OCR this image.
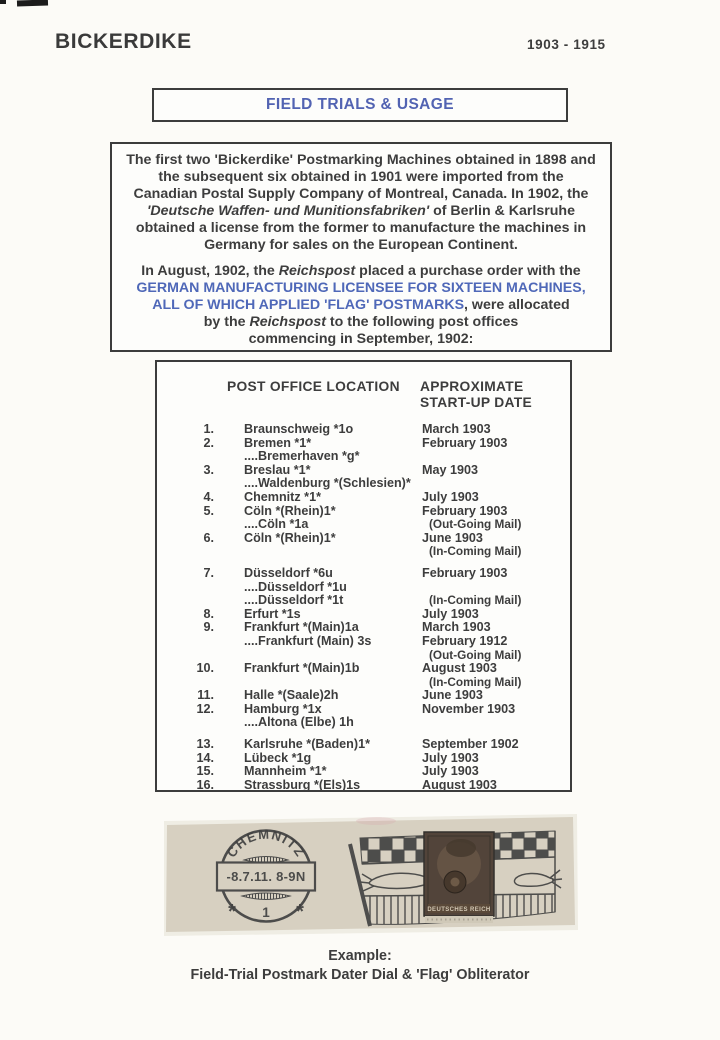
BICKERDIKE	1903 - 1915
FIELD TRIALS & USAGE
The first two 'Bickerdike' Postmarking Machines obtained in 1898 and
the subsequent six obtained in 1901 were imported from the
Canadian Postal Supply Company of Montreal, Canada. In 1902, the
'Deutsche Waffen- und Munitionsfabriken' of Berlin & Karlsruhe
obtained a license from the former to manufacture the machines in
Germany for sales on the European Continent.
In August, 1902, the Reichspost placed a purchase order with the
GERMAN MANUFACTURING LICENSEE FOR SIXTEEN MACHINES,
ALL OF WHICH APPLIED 'FLAG' POSTMARKS, were allocated
by the Reichspost to the following post offices
commencing in September, 1902:
POST OFFICE LOCATION APPROXIMATE
START-UP DATE
1. Braunschweig *1o	March 1903
2. Bremen *1*	February 1903
....Bremerhaven *g*
3. Breslau *1*	May 1903
....Waldenburg *(Schlesien)*
4. Chemnitz *1*	July 1903
5. Cöln *(Rhein)1*	February 1903
....Cöln *1a	(Out-Going Mail)
6. Cöln *(Rhein)1*	June 1903
(In-Coming Mail)
7. Düsseldorf *6u	February 1903
....Düsseldorf *1u
....Düsseldorf *1t	(In-Coming Mail)
8. Erfurt *1s	July 1903
9. Frankfurt *(Main)1a	March 1903
....Frankfurt (Main) 3s	February 1912
(Out-Going Mail)
10. Frankfurt *(Main)1b	August 1903
(In-Coming Mail)
11. Halle *(Saale)2h	June 1903
12. Hamburg *1x	November 1903
....Altona (Elbe) 1h
13. Karlsruhe *(Baden)1*	September 1902
14. Lübeck *1g	July 1903
15. Mannheim *1*	July 1903
16. Strassburg *(Els)1s	August 1903
CHEMNITZ
-8.7.11. 8-9N
* 1 *	DEUTSCHES REICH
Example:
Field-Trial Postmark Dater Dial & 'Flag' Obliterator
